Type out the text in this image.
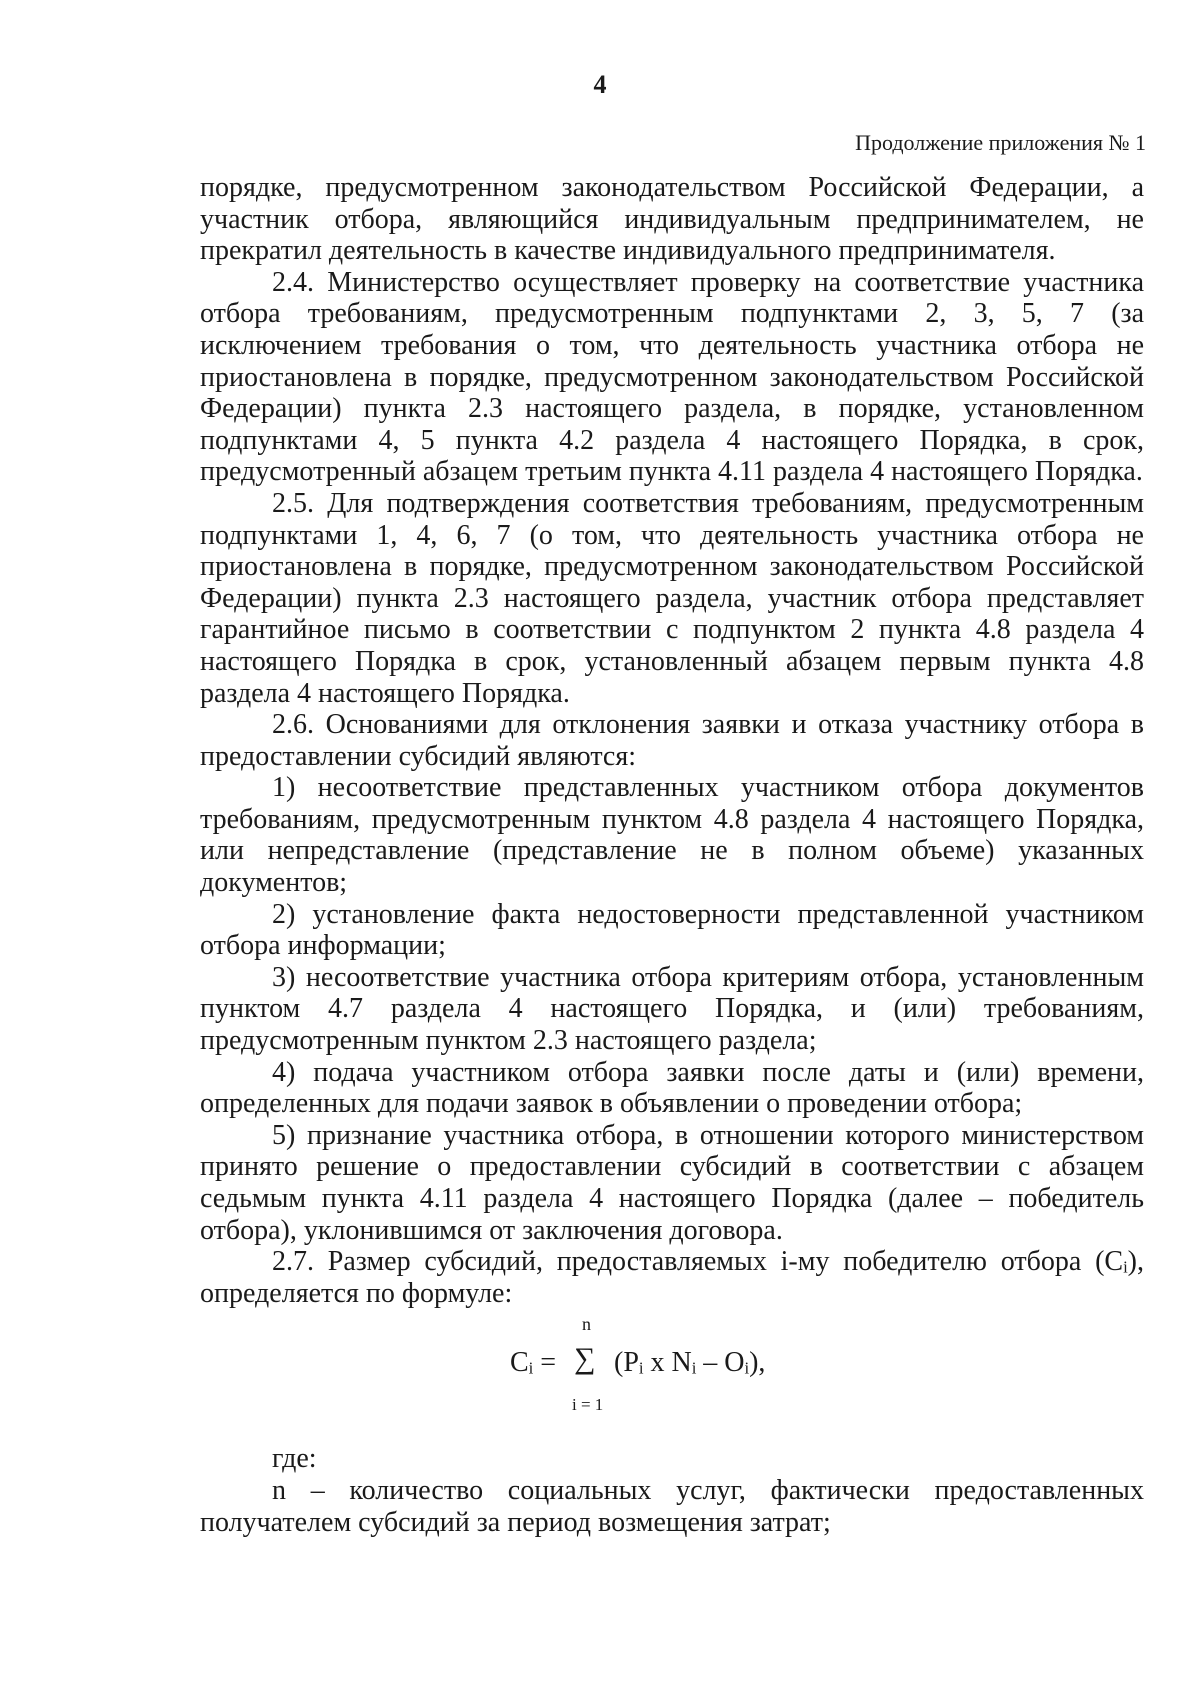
4
Продолжение приложения № 1

порядке, предусмотренном законодательством Российской Федерации, а участник отбора, являющийся индивидуальным предпринимателем, не прекратил деятельность в качестве индивидуального предпринимателя.

2.4. Министерство осуществляет проверку на соответствие участника отбора требованиям, предусмотренным подпунктами 2, 3, 5, 7 (за исключением требования о том, что деятельность участника отбора не приостановлена в порядке, предусмотренном законодательством Российской Федерации) пункта 2.3 настоящего раздела, в порядке, установленном подпунктами 4, 5 пункта 4.2 раздела 4 настоящего Порядка, в срок, предусмотренный абзацем третьим пункта 4.11 раздела 4 настоящего Порядка.

2.5. Для подтверждения соответствия требованиям, предусмотренным подпунктами 1, 4, 6, 7 (о том, что деятельность участника отбора не приостановлена в порядке, предусмотренном законодательством Российской Федерации) пункта 2.3 настоящего раздела, участник отбора представляет гарантийное письмо в соответствии с подпунктом 2 пункта 4.8 раздела 4 настоящего Порядка в срок, установленный абзацем первым пункта 4.8 раздела 4 настоящего Порядка.

2.6. Основаниями для отклонения заявки и отказа участнику отбора в предоставлении субсидий являются:

1) несоответствие представленных участником отбора документов требованиям, предусмотренным пунктом 4.8 раздела 4 настоящего Порядка, или непредставление (представление не в полном объеме) указанных документов;

2) установление факта недостоверности представленной участником отбора информации;

3) несоответствие участника отбора критериям отбора, установленным пунктом 4.7 раздела 4 настоящего Порядка, и (или) требованиям, предусмотренным пунктом 2.3 настоящего раздела;

4) подача участником отбора заявки после даты и (или) времени, определенных для подачи заявок в объявлении о проведении отбора;

5) признание участника отбора, в отношении которого министерством принято решение о предоставлении субсидий в соответствии с абзацем седьмым пункта 4.11 раздела 4 настоящего Порядка (далее – победитель отбора), уклонившимся от заключения договора.

2.7. Размер субсидий, предоставляемых i-му победителю отбора (Cᵢ), определяется по формуле:

Cᵢ =
n
∑
i = 1
(Pᵢ x Nᵢ – Oᵢ),

где:

n – количество социальных услуг, фактически предоставленных получателем субсидий за период возмещения затрат;
